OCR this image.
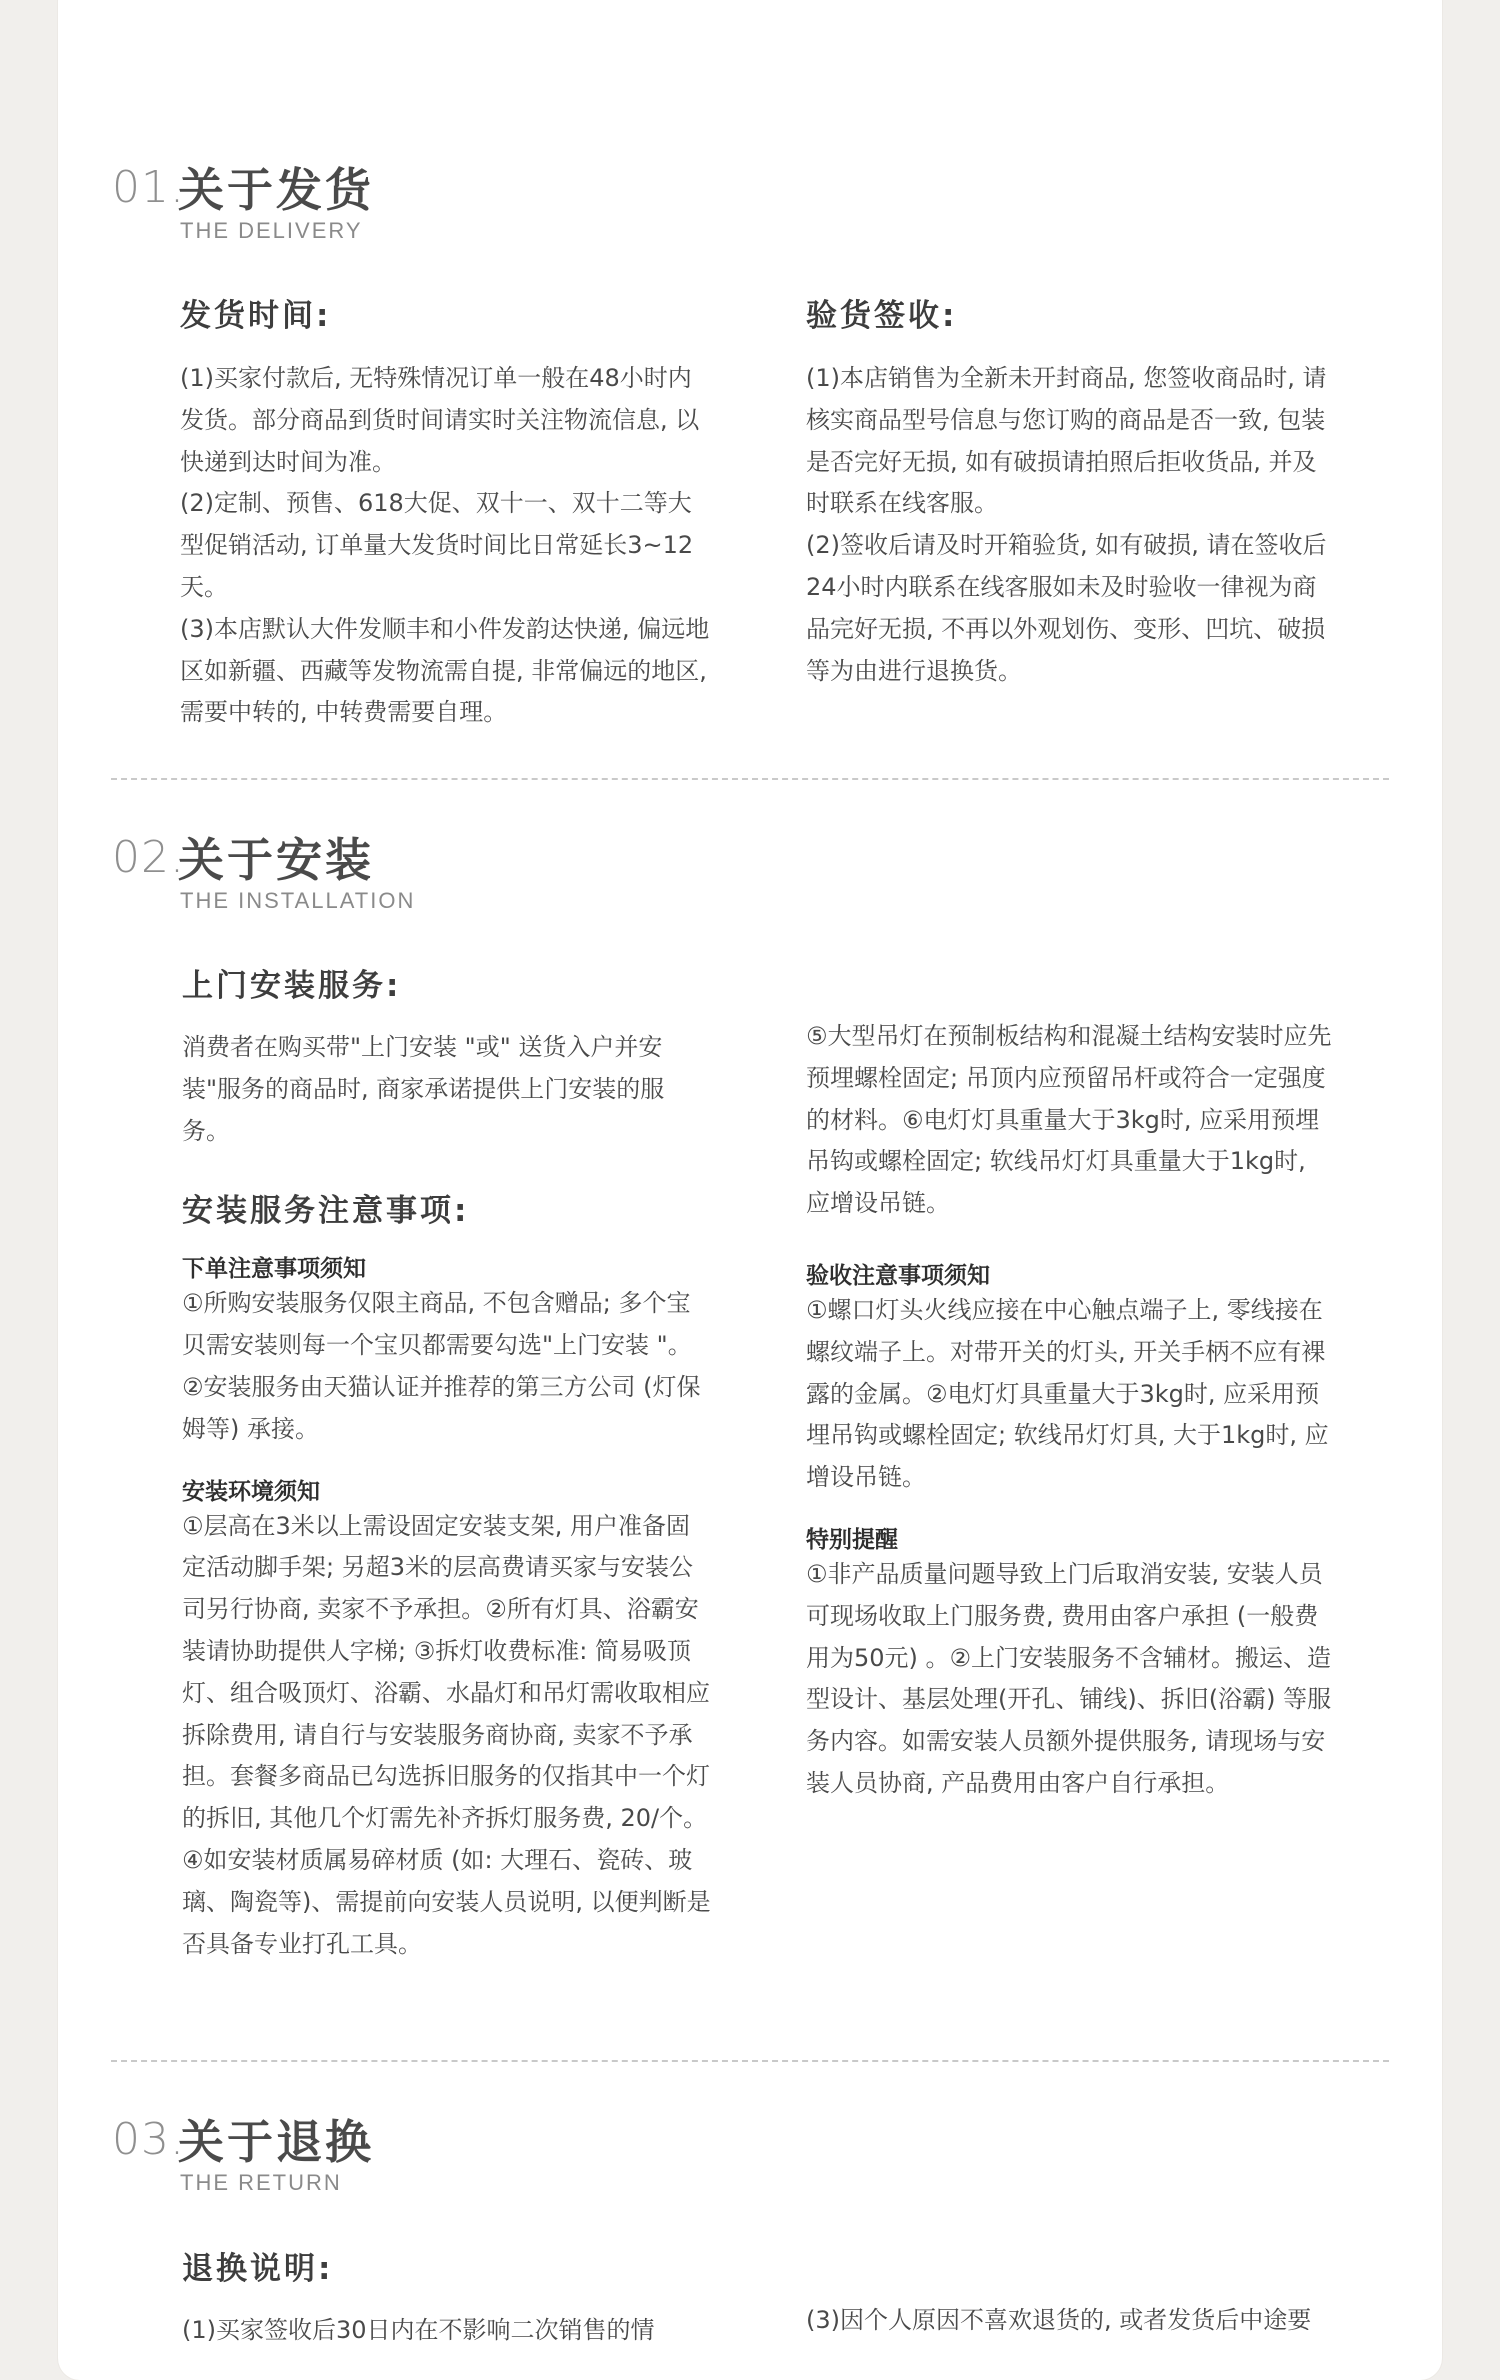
01.
关于发货
THE DELIVERY
发货时间:

(1)买家付款后, 无特殊情况订单一般在48小时内发货。部分商品到货时间请实时关注物流信息, 以快递到达时间为准。

(2)定制、预售、618大促、双十一、双十二等大型促销活动, 订单量大发货时间比日常延长3~12天。

(3)本店默认大件发顺丰和小件发韵达快递, 偏远地区如新疆、西藏等发物流需自提, 非常偏远的地区, 需要中转的, 中转费需要自理。

验货签收:

(1)本店销售为全新未开封商品, 您签收商品时, 请核实商品型号信息与您订购的商品是否一致, 包装是否完好无损, 如有破损请拍照后拒收货品, 并及时联系在线客服。

(2)签收后请及时开箱验货, 如有破损, 请在签收后24小时内联系在线客服如未及时验收一律视为商品完好无损, 不再以外观划伤、变形、凹坑、破损等为由进行退换货。

02.
关于安装
THE INSTALLATION
上门安装服务:

消费者在购买带"上门安装 "或" 送货入户并安装"服务的商品时, 商家承诺提供上门安装的服务。

安装服务注意事项:
下单注意事项须知

①所购安装服务仅限主商品, 不包含赠品; 多个宝贝需安装则每一个宝贝都需要勾选"上门安装 "。②安装服务由天猫认证并推荐的第三方公司 (灯保姆等) 承接。

安装环境须知

①层高在3米以上需设固定安装支架, 用户准备固定活动脚手架; 另超3米的层高费请买家与安装公司另行协商, 卖家不予承担。②所有灯具、浴霸安装请协助提供人字梯; ③拆灯收费标准: 简易吸顶灯、组合吸顶灯、浴霸、水晶灯和吊灯需收取相应拆除费用, 请自行与安装服务商协商, 卖家不予承担。套餐多商品已勾选拆旧服务的仅指其中一个灯的拆旧, 其他几个灯需先补齐拆灯服务费, 20/个。④如安装材质属易碎材质 (如: 大理石、瓷砖、玻璃、陶瓷等)、需提前向安装人员说明, 以便判断是否具备专业打孔工具。

⑤大型吊灯在预制板结构和混凝土结构安装时应先预埋螺栓固定; 吊顶内应预留吊杆或符合一定强度的材料。⑥电灯灯具重量大于3kg时, 应采用预埋吊钩或螺栓固定; 软线吊灯灯具重量大于1kg时, 应增设吊链。

验收注意事项须知

①螺口灯头火线应接在中心触点端子上, 零线接在螺纹端子上。对带开关的灯头, 开关手柄不应有裸露的金属。②电灯灯具重量大于3kg时, 应采用预埋吊钩或螺栓固定; 软线吊灯灯具, 大于1kg时, 应增设吊链。

特别提醒

①非产品质量问题导致上门后取消安装, 安装人员可现场收取上门服务费, 费用由客户承担 (一般费用为50元) 。②上门安装服务不含辅材。搬运、造型设计、基层处理(开孔、铺线)、拆旧(浴霸) 等服务内容。如需安装人员额外提供服务, 请现场与安装人员协商, 产品费用由客户自行承担。

03.
关于退换
THE RETURN
退换说明:

(1)买家签收后30日内在不影响二次销售的情	(3)因个人原因不喜欢退货的, 或者发货后中途要
